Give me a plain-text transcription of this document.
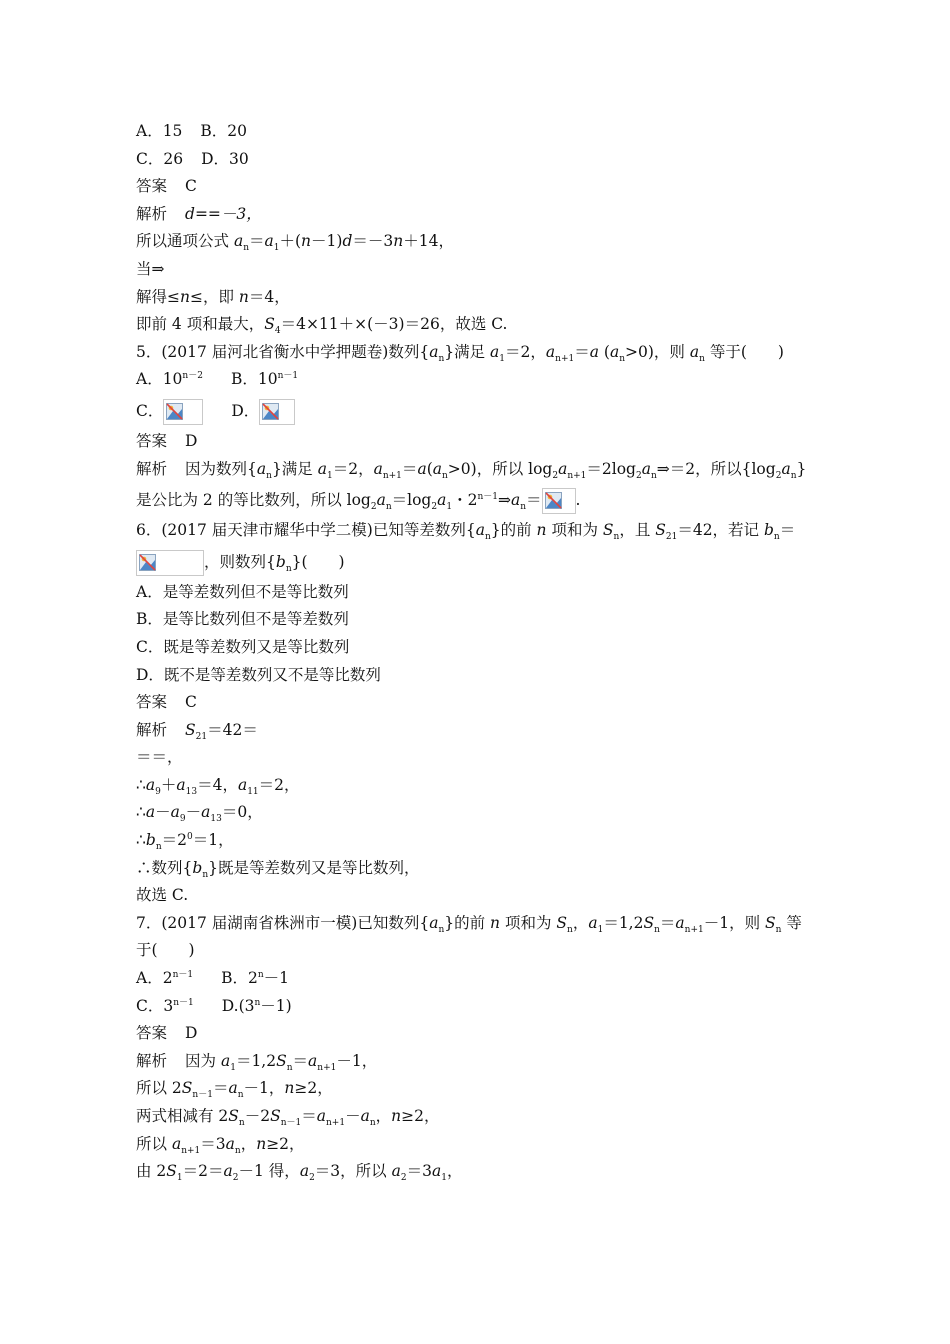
A．15 B．20
C．26 D．30
答案 C
解析 d==－3，
所以通项公式 $a_n=a_1+(n-1)d=-3n+14$，
当⇒
解得≤n≤，即 n＝4，
即前 4 项和最大，$S_4=4\times 11+\times(-3)=26$，故选 C.
5．(2017 届河北省衡水中学押题卷)数列$\{a_n\}$满足 $a_1=2$，$a_{n+1}=a$ $(a_n>0)$，则 $a_n$ 等于(　　)
A．$10^{n-2}$ B．$10^{n-1}$
C．	D．
答案 D
解析 因为数列$\{a_n\}$满足 $a_1=2$，$a_{n+1}=a(a_n>0)$，所以 $\log_2a_{n+1}=2\log_2a_n\Rightarrow=2$，所以$\{\log_2a_n\}$
是公比为 2 的等比数列，所以 $\log_2a_n=\log_2a_1$・$2^{n-1}\Rightarrow a_n=$ .
6．(2017 届天津市耀华中学二模)已知等差数列$\{a_n\}$的前 n 项和为 $S_n$，且 $S_{21}=42$，若记 $b_n=$
，则数列$\{b_n\}$(　　)
A．是等差数列但不是等比数列
B．是等比数列但不是等差数列
C．既是等差数列又是等比数列
D．既不是等差数列又不是等比数列
答案 C
解析 $S_{21}=42=$
＝＝，
$\therefore a_9+a_{13}=4$，$a_{11}=2$，
$\therefore a-a_9-a_{13}=0$，
$\therefore b_n=2^0=1$，
∴数列$\{b_n\}$既是等差数列又是等比数列，
故选 C.
7．(2017 届湖南省株洲市一模)已知数列$\{a_n\}$的前 n 项和为 $S_n$，$a_1=1,2S_n=a_{n+1}-1$，则 $S_n$ 等
于(　　)
A．$2^{n-1}$ B．$2^n-1$
C．$3^{n-1}$ $D.(3^n-1)$
答案 D
解析 因为 $a_1=1,2S_n=a_{n+1}-1$，
所以 $2S_{n-1}=a_n-1$，n≥2，
两式相减有 $2S_n-2S_{n-1}=a_{n+1}-a_n$，n≥2，
所以 $a_{n+1}=3a_n$，n≥2，
由 $2S_1=2=a_2-1$ 得，$a_2=3$，所以 $a_2=3a_1$，
